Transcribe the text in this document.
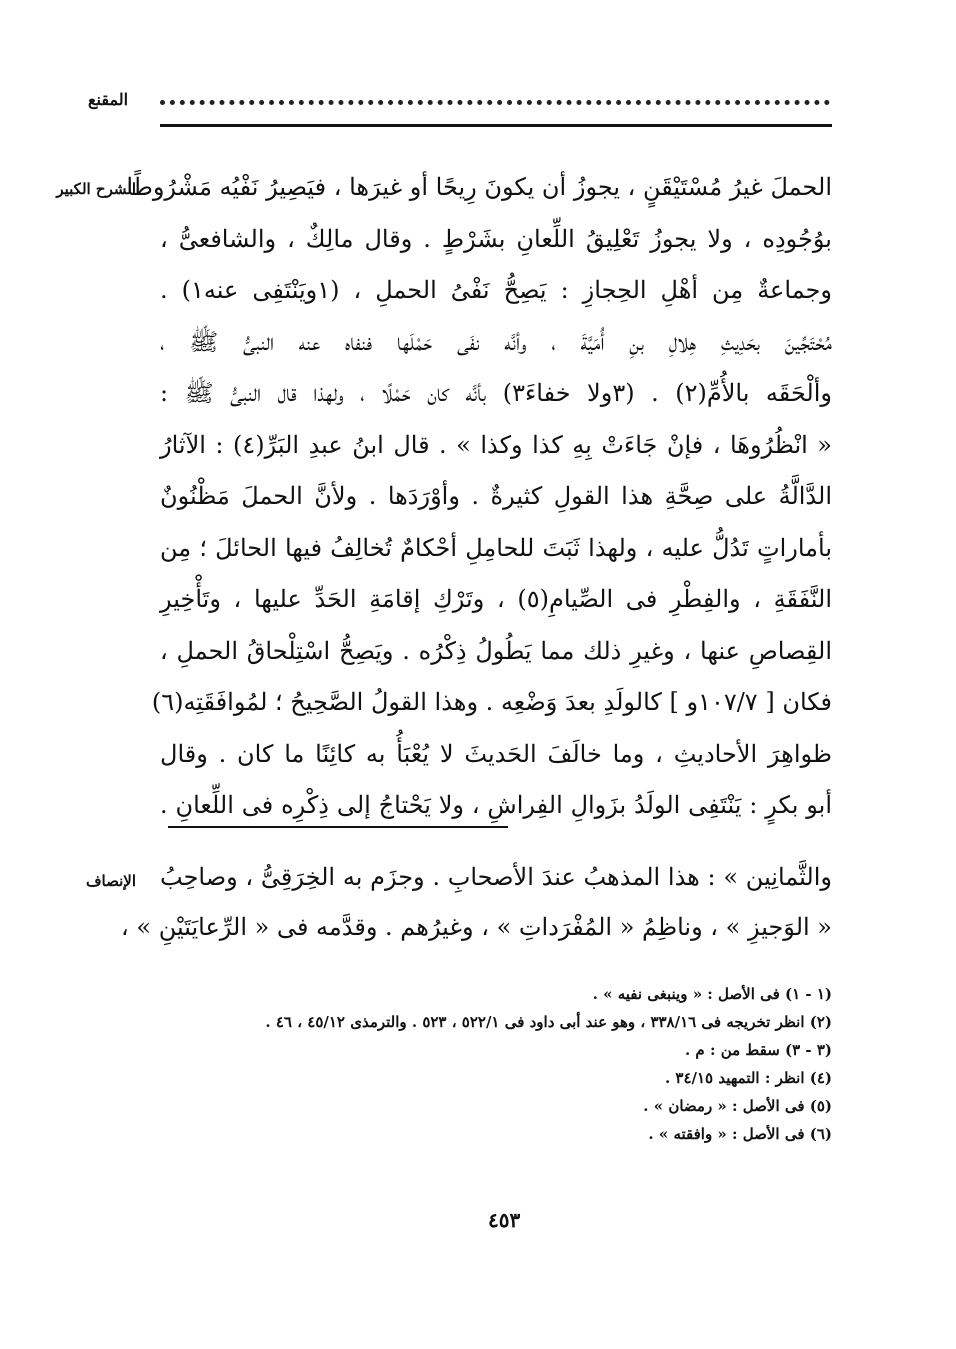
المقنع
الشرح الكبير
الحملَ غيرُ مُسْتَيْقَنٍ ، يجوزُ أن يكونَ رِيحًا أو غيرَها ، فيَصِيرُ نَفْيُه مَشْرُوطًا
بوُجُودِه ، ولا يجوزُ تَعْلِيقُ اللِّعانِ بشَرْطٍ . وقال مالِكٌ ، والشافعىُّ ،
وجماعةٌ مِن أهْلِ الحِجازِ : يَصِحُّ نَفْىُ الحملِ ، (١ويَنْتَفِى عنه١) .
مُحْتَجِّينَ بحَدِيثِ هِلالِ بنِ أُمَيَّةَ ، وأنَّه نفَى حَمْلَها فنفاه عنه النبىُّ ﷺ ،
وألْحَقَه بالأُمِّ(٢) . (٣ولا خفاءَ٣) بأنَّه كان حَمْلًا ، ولهذا قال النبىُّ ﷺ :
« انْظُرُوهَا ، فإنْ جَاءَتْ بِهِ كذا وكذا » . قال ابنُ عبدِ البَرِّ(٤) : الآثارُ
الدَّالَّةُ على صِحَّةِ هذا القولِ كثيرةٌ . وأوْرَدَها . ولأنَّ الحملَ مَظْنُونٌ
بأماراتٍ تَدُلُّ عليه ، ولهذا ثَبَتَ للحامِلِ أحْكامٌ تُخالِفُ فيها الحائلَ ؛ مِن
النَّفَقَةِ ، والفِطْرِ فى الصِّيامِ(٥) ، وتَرْكِ إقامَةِ الحَدِّ عليها ، وتَأْخِيرِ
القِصاصِ عنها ، وغيرِ ذلك مما يَطُولُ ذِكْرُه . ويَصِحُّ اسْتِلْحاقُ الحملِ ،
فكان [ ١٠٧/٧و ] كالولَدِ بعدَ وَضْعِه . وهذا القولُ الصَّحِيحُ ؛ لمُوافَقَتِه(٦)
ظواهِرَ الأحاديثِ ، وما خالَفَ الحَديثَ لا يُعْبَأُ به كائِنًا ما كان . وقال
أبو بكرٍ : يَنْتَفِى الولَدُ بزَوالِ الفِراشِ ، ولا يَحْتاجُ إلى ذِكْرِه فى اللِّعانِ .
الإنصاف والثَّمانِين » : هذا المذهبُ عندَ الأصحابِ . وجزَم به الخِرَقِىُّ ، وصاحِبُ
« الوَجيزِ » ، وناظِمُ « المُفْرَداتِ » ، وغيرُهم . وقدَّمه فى « الرِّعايَتَيْنِ » ،
(١ - ١) فى الأصل : « وينبغى نفيه » .
(٢) انظر تخريجه فى ٣٣٨/١٦ ، وهو عند أبى داود فى ٥٢٢/١ ، ٥٢٣ . والترمذى ٤٥/١٢ ، ٤٦ .
(٣ - ٣) سقط من : م .
(٤) انظر : التمهيد ٣٤/١٥ .
(٥) فى الأصل : « رمضان » .
(٦) فى الأصل : « وافقته » .
٤٥٣
